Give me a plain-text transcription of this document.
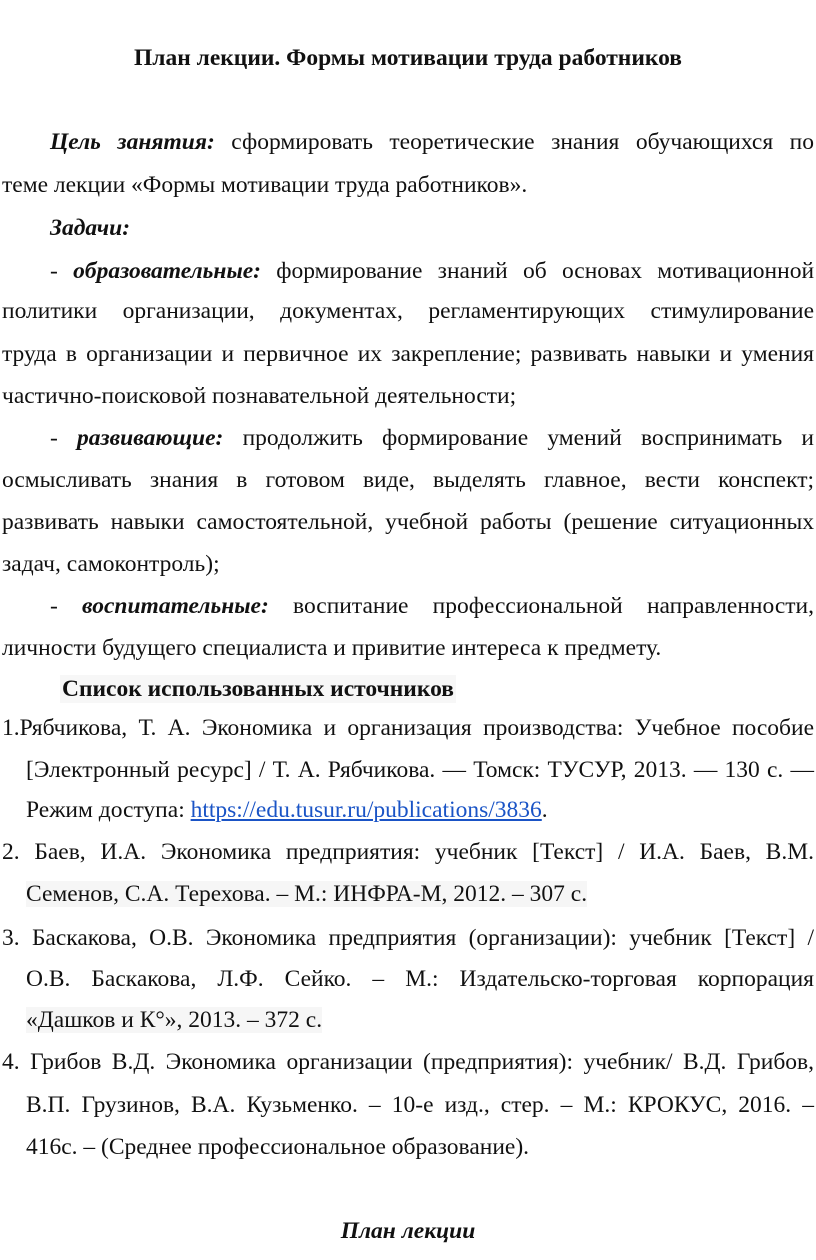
План лекции. Формы мотивации труда работников
Цель занятия: сформировать теоретические знания обучающихся по
теме лекции «Формы мотивации труда работников».
Задачи:
- образовательные: формирование знаний об основах мотивационной
политики организации, документах, регламентирующих стимулирование
труда в организации и первичное их закрепление; развивать навыки и умения
частично-поисковой познавательной деятельности;
- развивающие: продолжить формирование умений воспринимать и
осмысливать знания в готовом виде, выделять главное, вести конспект;
развивать навыки самостоятельной, учебной работы (решение ситуационных
задач, самоконтроль);
- воспитательные: воспитание профессиональной направленности,
личности будущего специалиста и привитие интереса к предмету.
Список использованных источников
1.Рябчикова, Т. А. Экономика и организация производства: Учебное пособие
[Электронный ресурс] / Т. А. Рябчикова. — Томск: ТУСУР, 2013. — 130 с. —
Режим доступа: https://edu.tusur.ru/publications/3836.
2. Баев, И.А. Экономика предприятия: учебник [Текст] / И.А. Баев, В.М.
Семенов, С.А. Терехова. – М.: ИНФРА-М, 2012. – 307 с.
3. Баскакова, О.В. Экономика предприятия (организации): учебник [Текст] /
О.В. Баскакова, Л.Ф. Сейко. – М.: Издательско-торговая корпорация
«Дашков и К°», 2013. – 372 с.
4. Грибов В.Д. Экономика организации (предприятия): учебник/ В.Д. Грибов,
В.П. Грузинов, В.А. Кузьменко. – 10-е изд., стер. – М.: КРОКУС, 2016. –
416с. – (Среднее профессиональное образование).
План лекции
